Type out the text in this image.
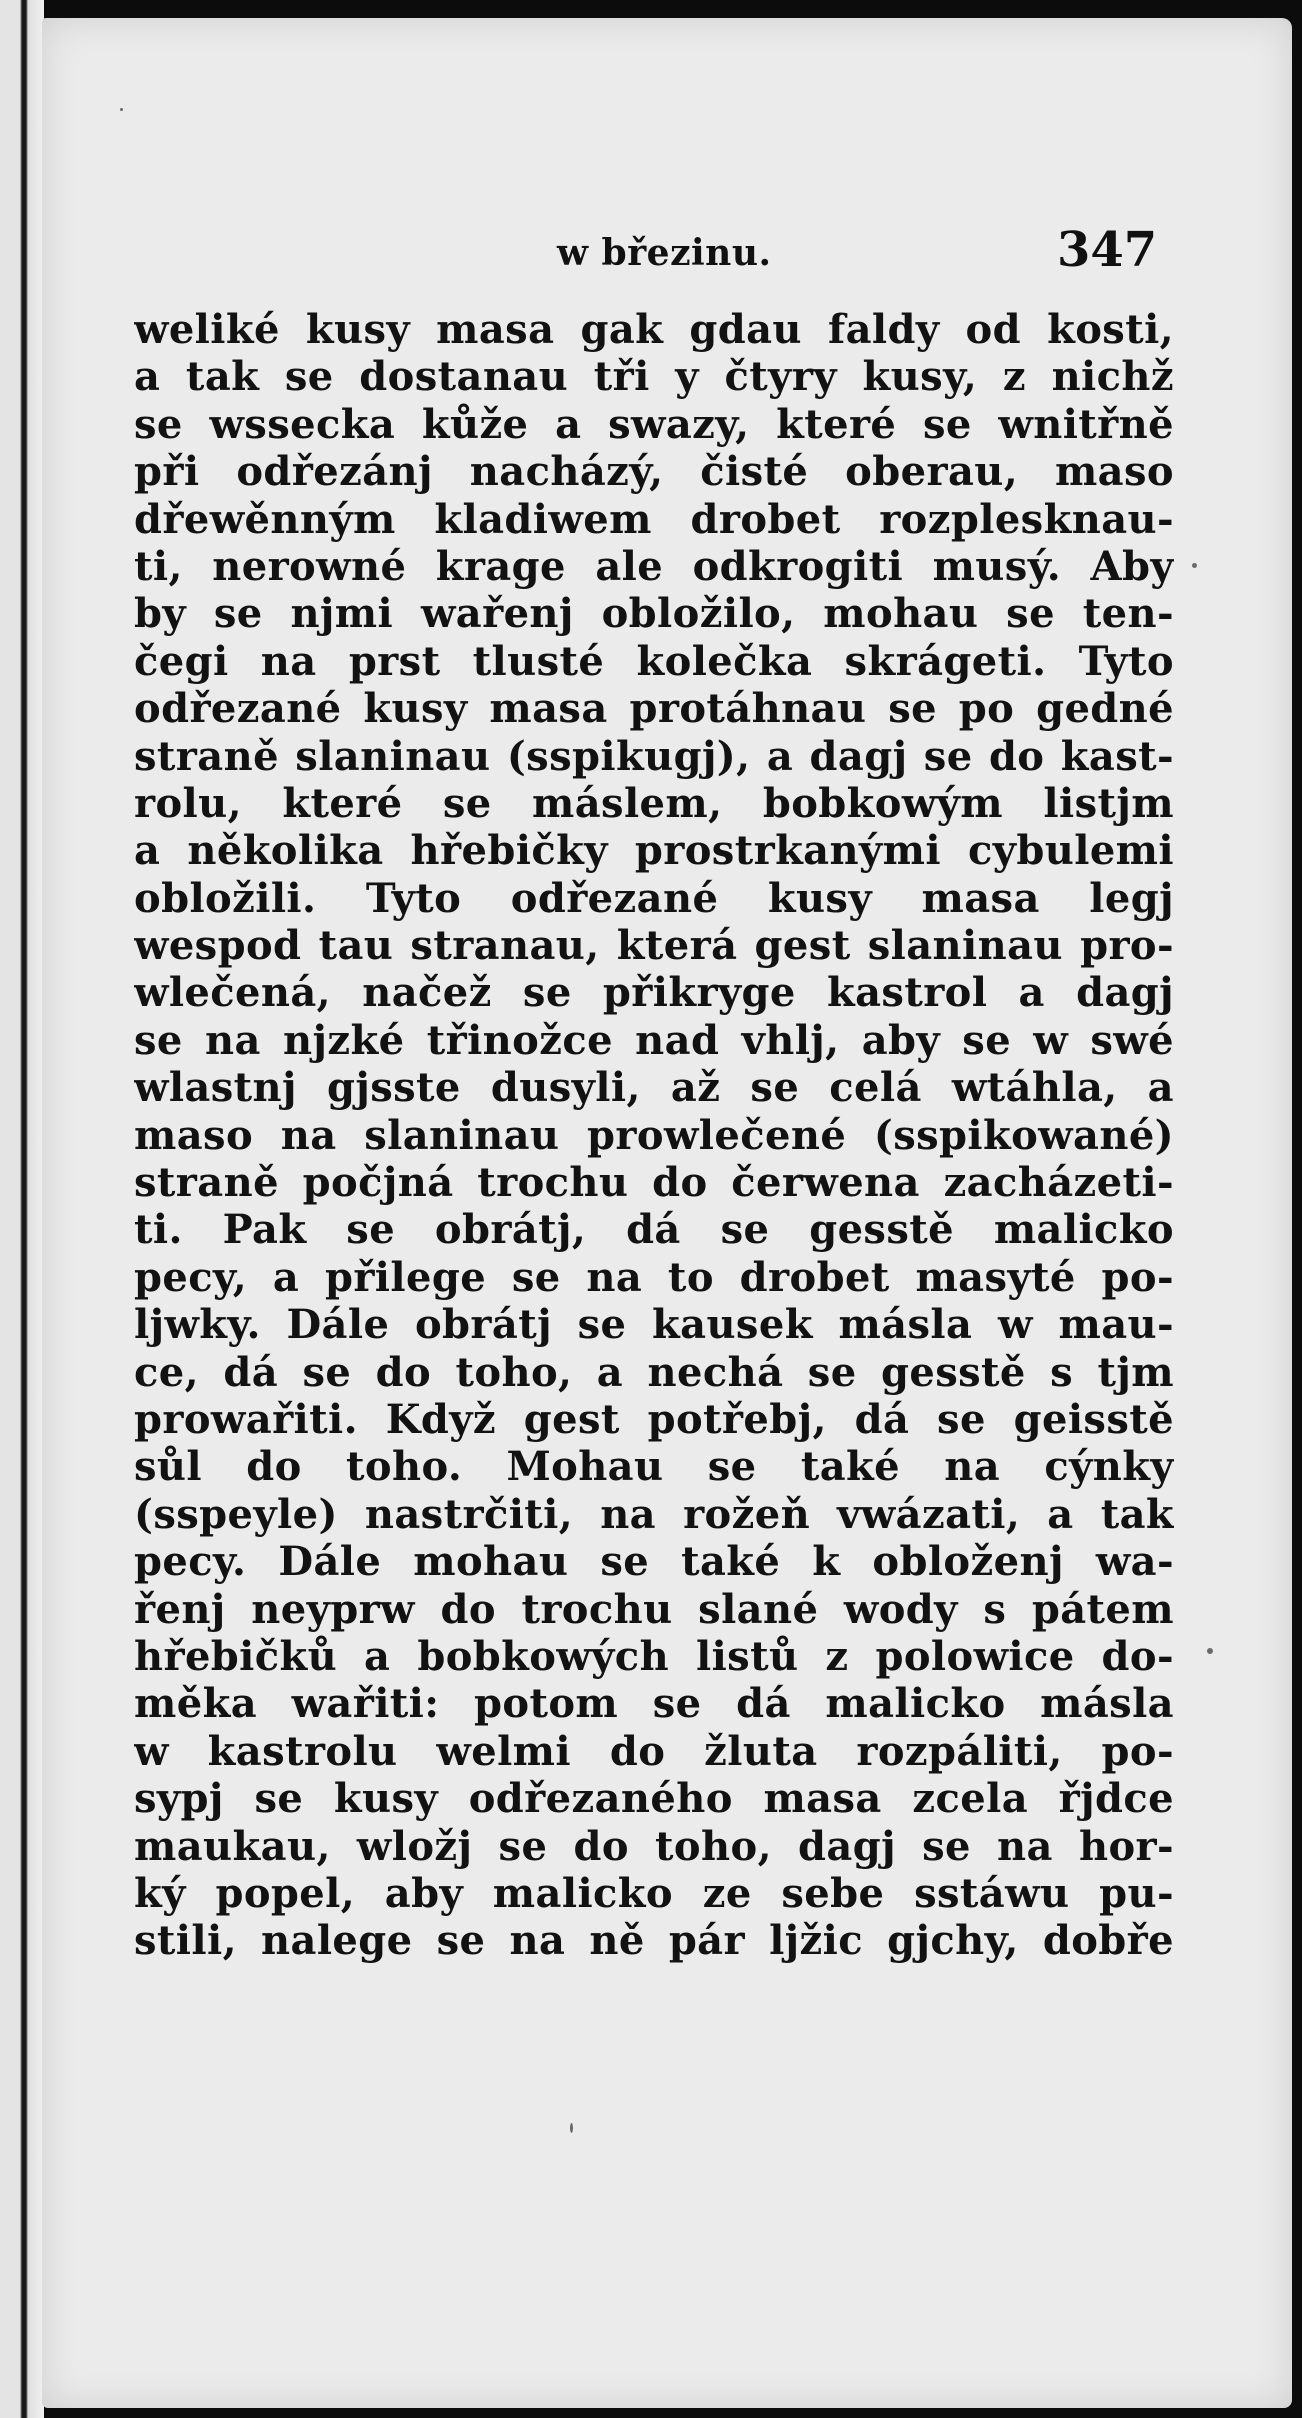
w březinu.	347
weliké kusy masa gak gdau faldy od kosti,
a tak se dostanau tři y čtyry kusy, z nichž
se wssecka kůže a swazy, které se wnitřně
při odřezánj nacházý, čisté oberau, maso
dřewěnným kladiwem drobet rozplesknau-
ti, nerowné krage ale odkrogiti musý. Aby
by se njmi wařenj obložilo, mohau se ten-
čegi na prst tlusté kolečka skrágeti. Tyto
odřezané kusy masa protáhnau se po gedné
straně slaninau (sspikugj), a dagj se do kast-
rolu, které se máslem, bobkowým listjm
a několika hřebičky prostrkanými cybulemi
obložili. Tyto odřezané kusy masa legj
wespod tau stranau, která gest slaninau pro-
wlečená, načež se přikryge kastrol a dagj
se na njzké třinožce nad vhlj, aby se w swé
wlastnj gjsste dusyli, až se celá wtáhla, a
maso na slaninau prowlečené (sspikowané)
straně počjná trochu do čerwena zacházeti-
ti. Pak se obrátj, dá se gesstě malicko
pecy, a přilege se na to drobet masyté po-
ljwky. Dále obrátj se kausek másla w mau-
ce, dá se do toho, a nechá se gesstě s tjm
prowařiti. Když gest potřebj, dá se geisstě
sůl do toho. Mohau se také na cýnky
(sspeyle) nastrčiti, na rožeň vwázati, a tak
pecy. Dále mohau se také k obloženj wa-
řenj neyprw do trochu slané wody s pátem
hřebičků a bobkowých listů z polowice do-
měka wařiti: potom se dá malicko másla
w kastrolu welmi do žluta rozpáliti, po-
sypj se kusy odřezaného masa zcela řjdce
maukau, wložj se do toho, dagj se na hor-
ký popel, aby malicko ze sebe sstáwu pu-
stili, nalege se na ně pár ljžic gjchy, dobře
